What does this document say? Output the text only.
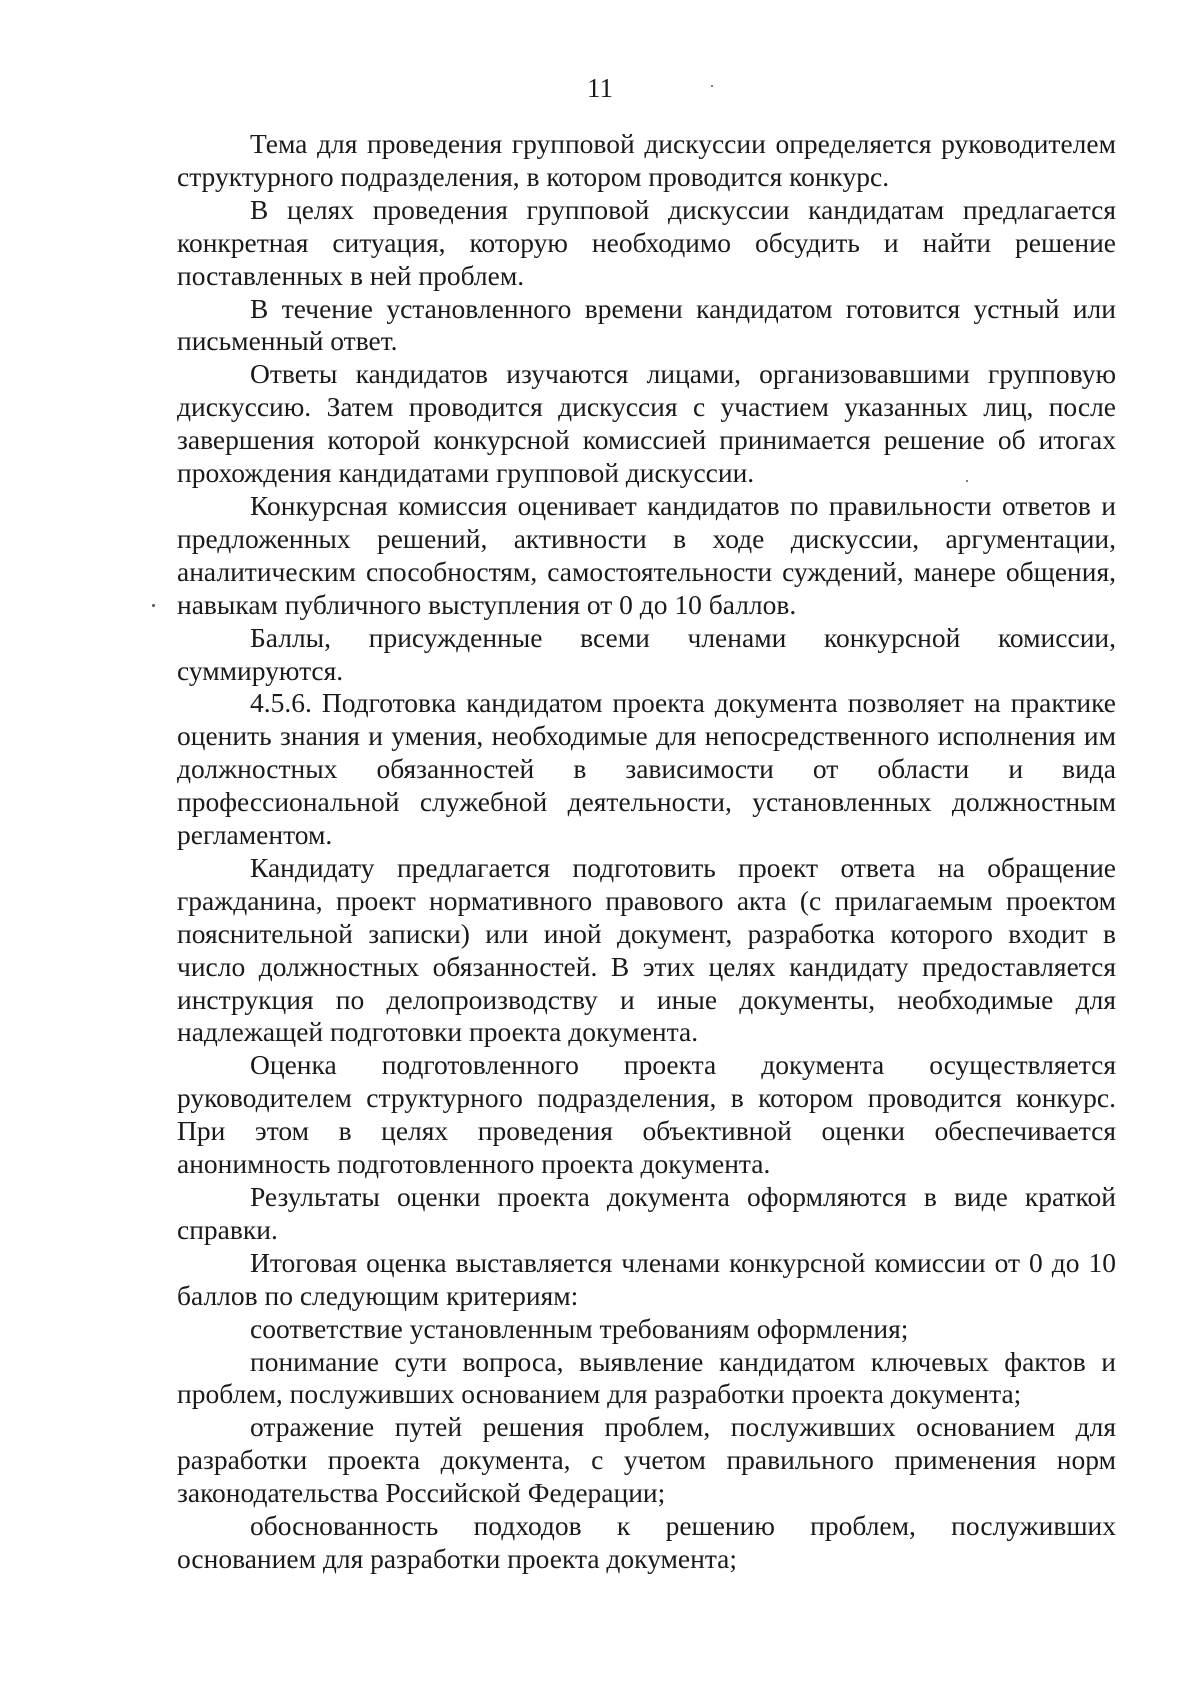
11

Тема для проведения групповой дискуссии определяется руководителем структурного подразделения, в котором проводится конкурс.

В целях проведения групповой дискуссии кандидатам предлагается конкретная ситуация, которую необходимо обсудить и найти решение поставленных в ней проблем.

В течение установленного времени кандидатом готовится устный или письменный ответ.

Ответы кандидатов изучаются лицами, организовавшими групповую дискуссию. Затем проводится дискуссия с участием указанных лиц, после завершения которой конкурсной комиссией принимается решение об итогах прохождения кандидатами групповой дискуссии.

Конкурсная комиссия оценивает кандидатов по правильности ответов и предложенных решений, активности в ходе дискуссии, аргументации, аналитическим способностям, самостоятельности суждений, манере общения, навыкам публичного выступления от 0 до 10 баллов.

Баллы, присужденные всеми членами конкурсной комиссии, суммируются.

4.5.6. Подготовка кандидатом проекта документа позволяет на практике оценить знания и умения, необходимые для непосредственного исполнения им должностных обязанностей в зависимости от области и вида профессиональной служебной деятельности, установленных должностным регламентом.

Кандидату предлагается подготовить проект ответа на обращение гражданина, проект нормативного правового акта (с прилагаемым проектом пояснительной записки) или иной документ, разработка которого входит в число должностных обязанностей. В этих целях кандидату предоставляется инструкция по делопроизводству и иные документы, необходимые для надлежащей подготовки проекта документа.

Оценка подготовленного проекта документа осуществляется руководителем структурного подразделения, в котором проводится конкурс. При этом в целях проведения объективной оценки обеспечивается анонимность подготовленного проекта документа.

Результаты оценки проекта документа оформляются в виде краткой справки.

Итоговая оценка выставляется членами конкурсной комиссии от 0 до 10 баллов по следующим критериям:

соответствие установленным требованиям оформления;

понимание сути вопроса, выявление кандидатом ключевых фактов и проблем, послуживших основанием для разработки проекта документа;

отражение путей решения проблем, послуживших основанием для разработки проекта документа, с учетом правильного применения норм законодательства Российской Федерации;

обоснованность подходов к решению проблем, послуживших основанием для разработки проекта документа;
